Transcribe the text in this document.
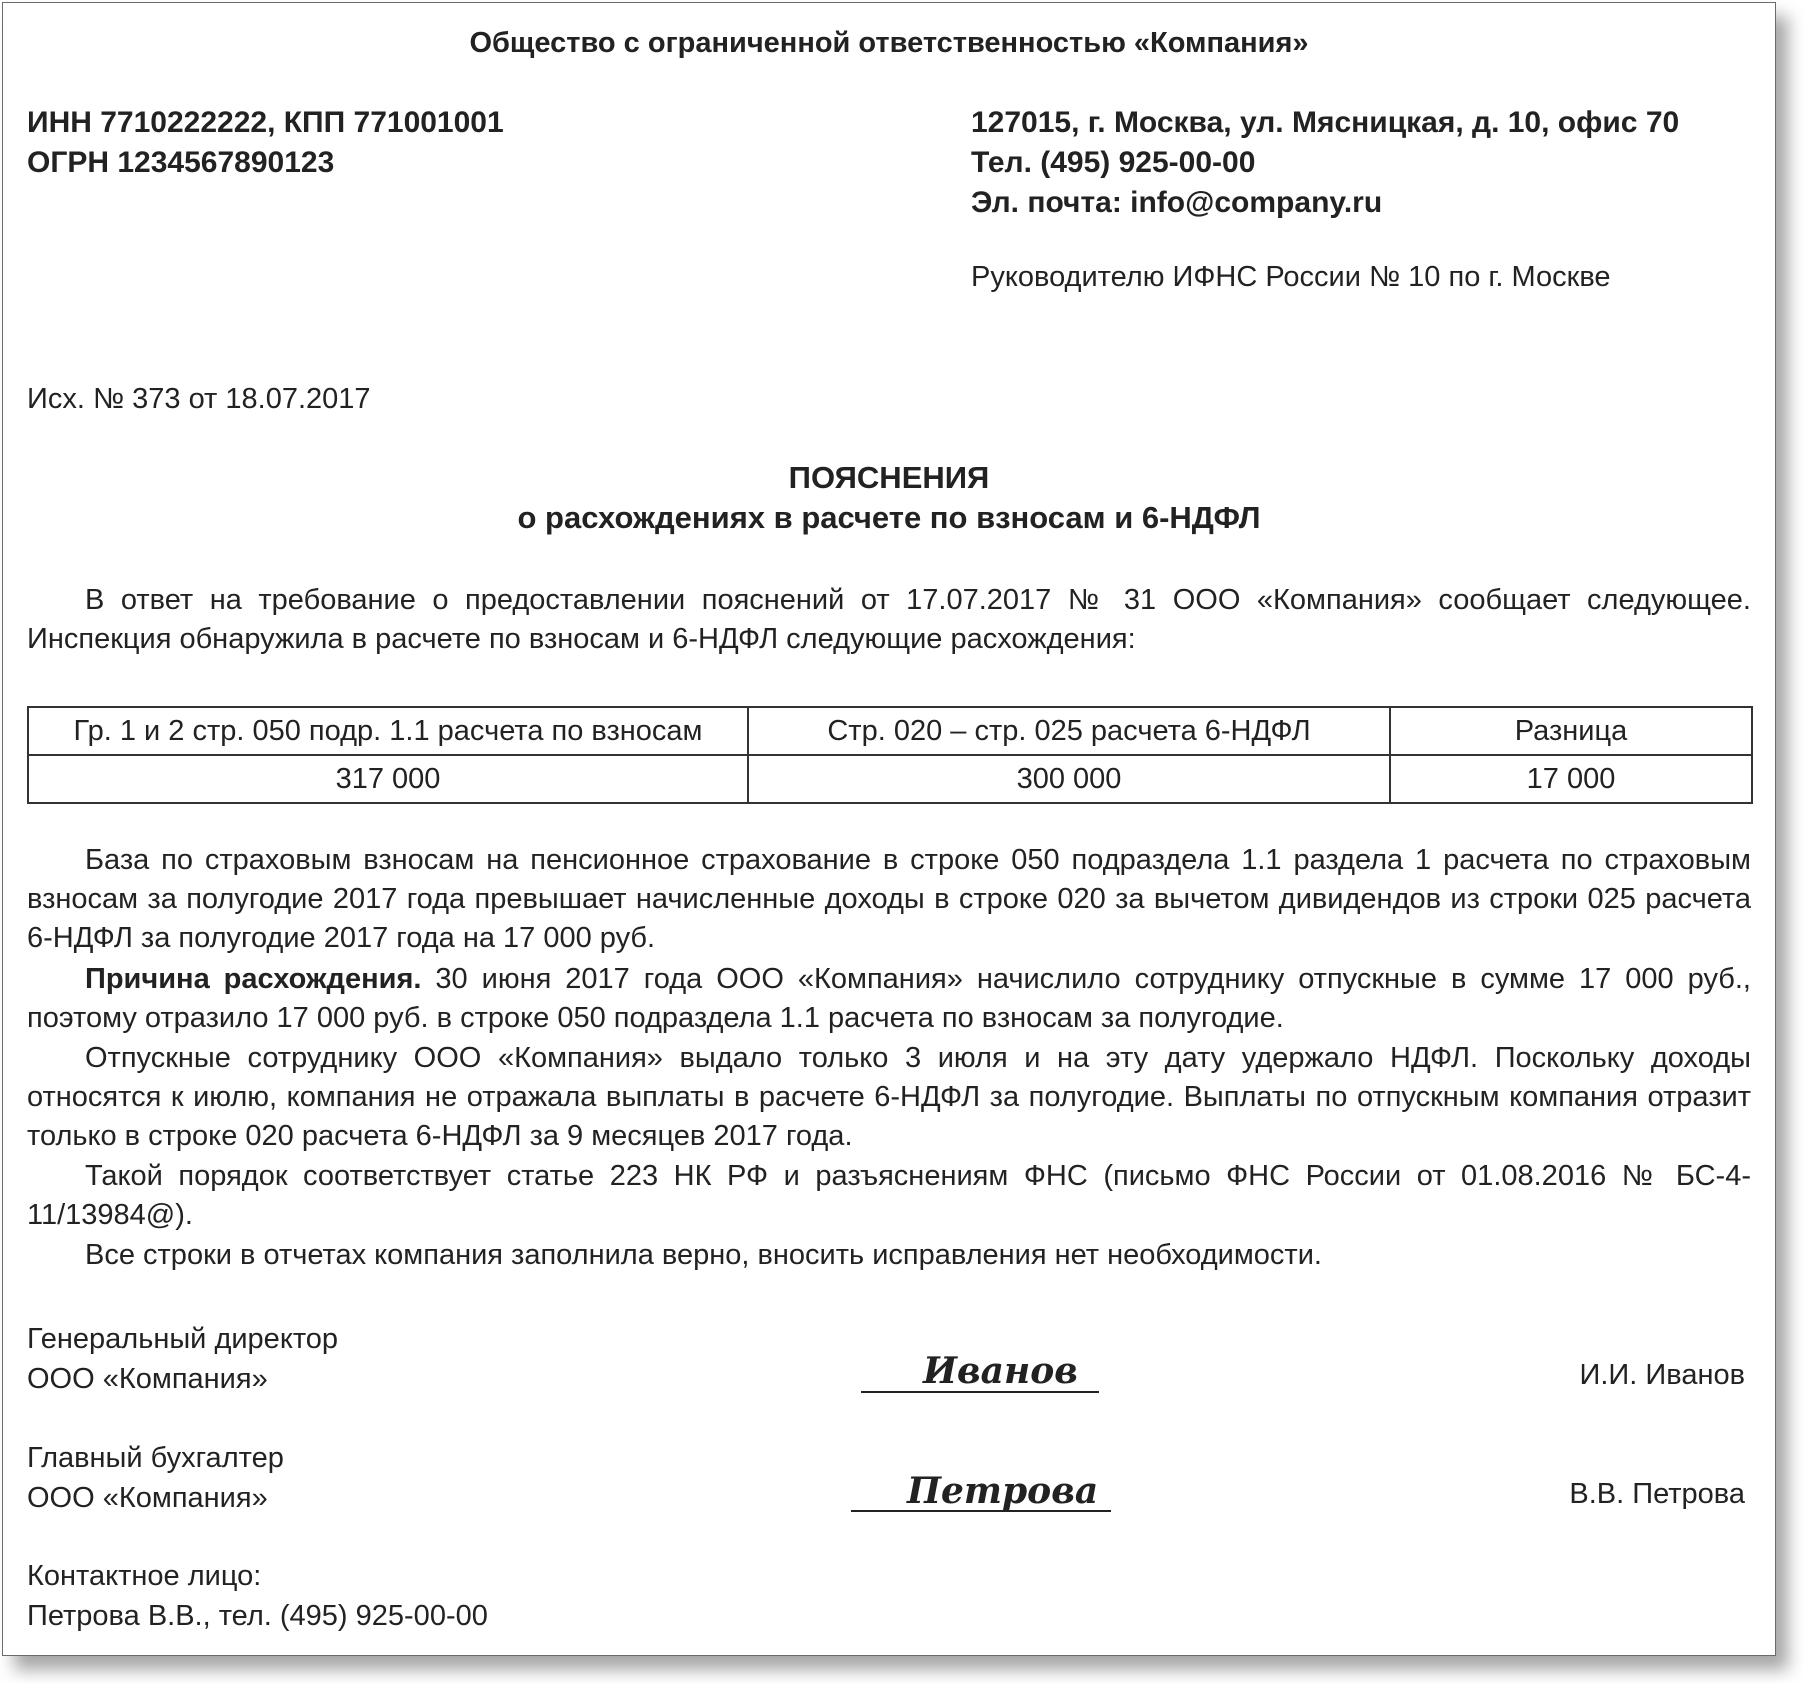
Общество с ограниченной ответственностью «Компания»
ИНН 7710222222, КПП 771001001
ОГРН 1234567890123
127015, г. Москва, ул. Мясницкая, д. 10, офис 70
Тел. (495) 925-00-00
Эл. почта: info@company.ru
Руководителю ИФНС России № 10 по г. Москве
Исх. № 373 от 18.07.2017
ПОЯСНЕНИЯ
о расхождениях в расчете по взносам и 6-НДФЛ
В ответ на требование о предоставлении пояснений от 17.07.2017 № 31 ООО «Компания» сообщает следующее. Инспекция обнаружила в расчете по взносам и 6-НДФЛ следующие расхождения:
Гр. 1 и 2 стр. 050 подр. 1.1 расчета по взносам	Стр. 020 – стр. 025 расчета 6-НДФЛ	Разница
317 000	300 000	17 000
База по страховым взносам на пенсионное страхование в строке 050 подраздела 1.1 раздела 1 расчета по страховым взносам за полугодие 2017 года превышает начисленные доходы в строке 020 за вычетом дивидендов из строки 025 расчета 6-НДФЛ за полугодие 2017 года на 17 000 руб.
Причина расхождения. 30 июня 2017 года ООО «Компания» начислило сотруднику отпускные в сумме 17 000 руб., поэтому отразило 17 000 руб. в строке 050 подраздела 1.1 расчета по взносам за полугодие.
Отпускные сотруднику ООО «Компания» выдало только 3 июля и на эту дату удержало НДФЛ. Поскольку доходы относятся к июлю, компания не отражала выплаты в расчете 6-НДФЛ за полугодие. Выплаты по отпускным компания отразит только в строке 020 расчета 6-НДФЛ за 9 месяцев 2017 года.
Такой порядок соответствует статье 223 НК РФ и разъяснениям ФНС (письмо ФНС России от 01.08.2016 № БС-4-11/13984@).
Все строки в отчетах компания заполнила верно, вносить исправления нет необходимости.
Генеральный директор
ООО «Компания»	Иванов	И.И. Иванов
Главный бухгалтер
ООО «Компания»	Петрова	В.В. Петрова
Контактное лицо:
Петрова В.В., тел. (495) 925-00-00
